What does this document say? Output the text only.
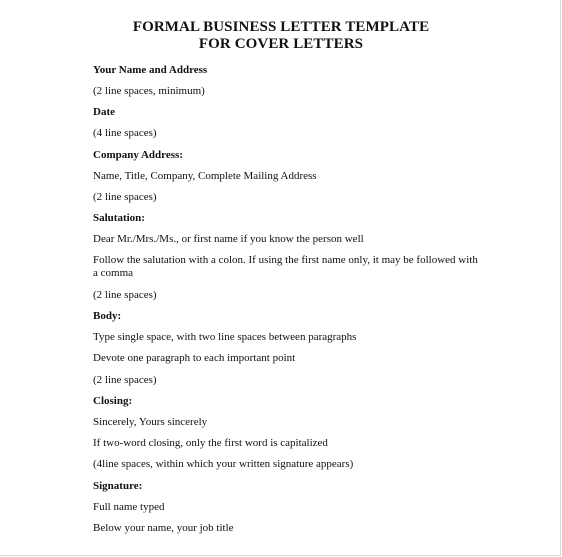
FORMAL BUSINESS LETTER TEMPLATE
FOR COVER LETTERS

Your Name and Address

(2 line spaces, minimum)

Date

(4 line spaces)

Company Address:

Name, Title, Company, Complete Mailing Address

(2 line spaces)

Salutation:

Dear Mr./Mrs./Ms., or first name if you know the person well

Follow the salutation with a colon. If using the first name only, it may be followed with

a comma

(2 line spaces)

Body:

Type single space, with two line spaces between paragraphs

Devote one paragraph to each important point

(2 line spaces)

Closing:

Sincerely, Yours sincerely

If two-word closing, only the first word is capitalized

(4line spaces, within which your written signature appears)

Signature:

Full name typed

Below your name, your job title
